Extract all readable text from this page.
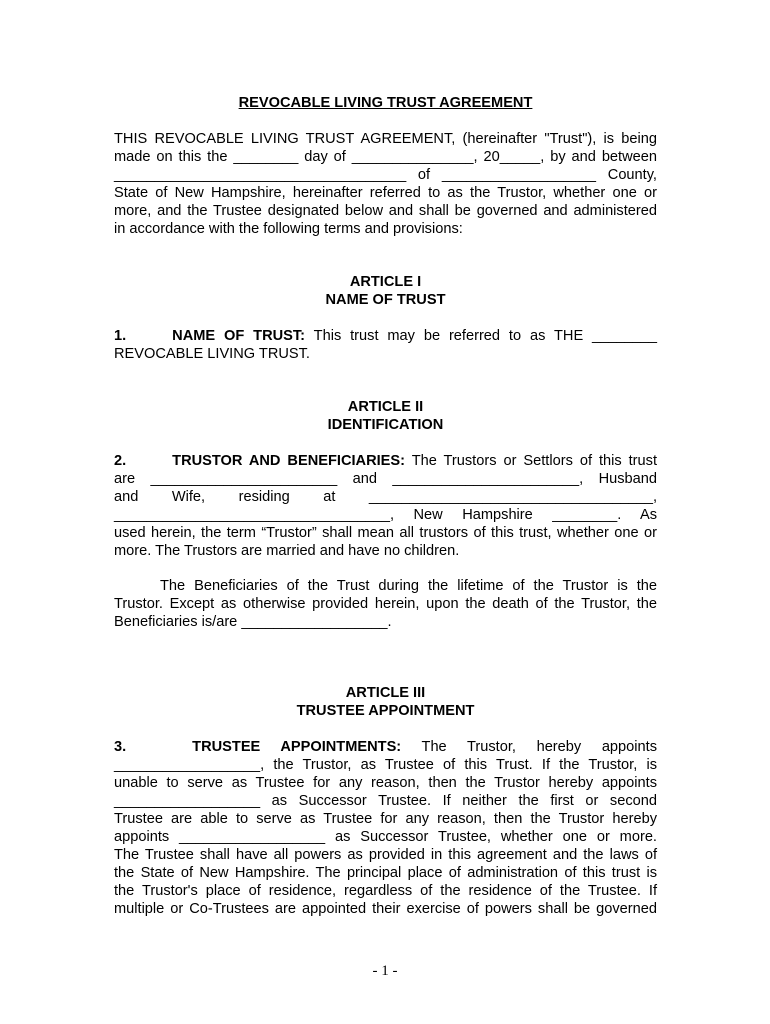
REVOCABLE LIVING TRUST AGREEMENT
THIS REVOCABLE LIVING TRUST AGREEMENT, (hereinafter "Trust"), is being
made on this the ________ day of _______________, 20_____, by and between
____________________________________ of ___________________ County,
State of New Hampshire, hereinafter referred to as the Trustor, whether one or
more, and the Trustee designated below and shall be governed and administered
in accordance with the following terms and provisions:
ARTICLE I
NAME OF TRUST
1.	NAME OF TRUST: This trust may be referred to as THE ________
REVOCABLE LIVING TRUST.
ARTICLE II
IDENTIFICATION
2.	TRUSTOR AND BENEFICIARIES: The Trustors or Settlors of this trust
are _______________________ and _______________________, Husband
and Wife, residing at ___________________________________,
__________________________________, New Hampshire ________. As
used herein, the term “Trustor” shall mean all trustors of this trust, whether one or
more. The Trustors are married and have no children.
The Beneficiaries of the Trust during the lifetime of the Trustor is the
Trustor. Except as otherwise provided herein, upon the death of the Trustor, the
Beneficiaries is/are __________________.
ARTICLE III
TRUSTEE APPOINTMENT
3.	TRUSTEE APPOINTMENTS: The Trustor, hereby appoints
__________________, the Trustor, as Trustee of this Trust. If the Trustor, is
unable to serve as Trustee for any reason, then the Trustor hereby appoints
__________________ as Successor Trustee. If neither the first or second
Trustee are able to serve as Trustee for any reason, then the Trustor hereby
appoints __________________ as Successor Trustee, whether one or more.
The Trustee shall have all powers as provided in this agreement and the laws of
the State of New Hampshire. The principal place of administration of this trust is
the Trustor's place of residence, regardless of the residence of the Trustee. If
multiple or Co-Trustees are appointed their exercise of powers shall be governed
- 1 -
